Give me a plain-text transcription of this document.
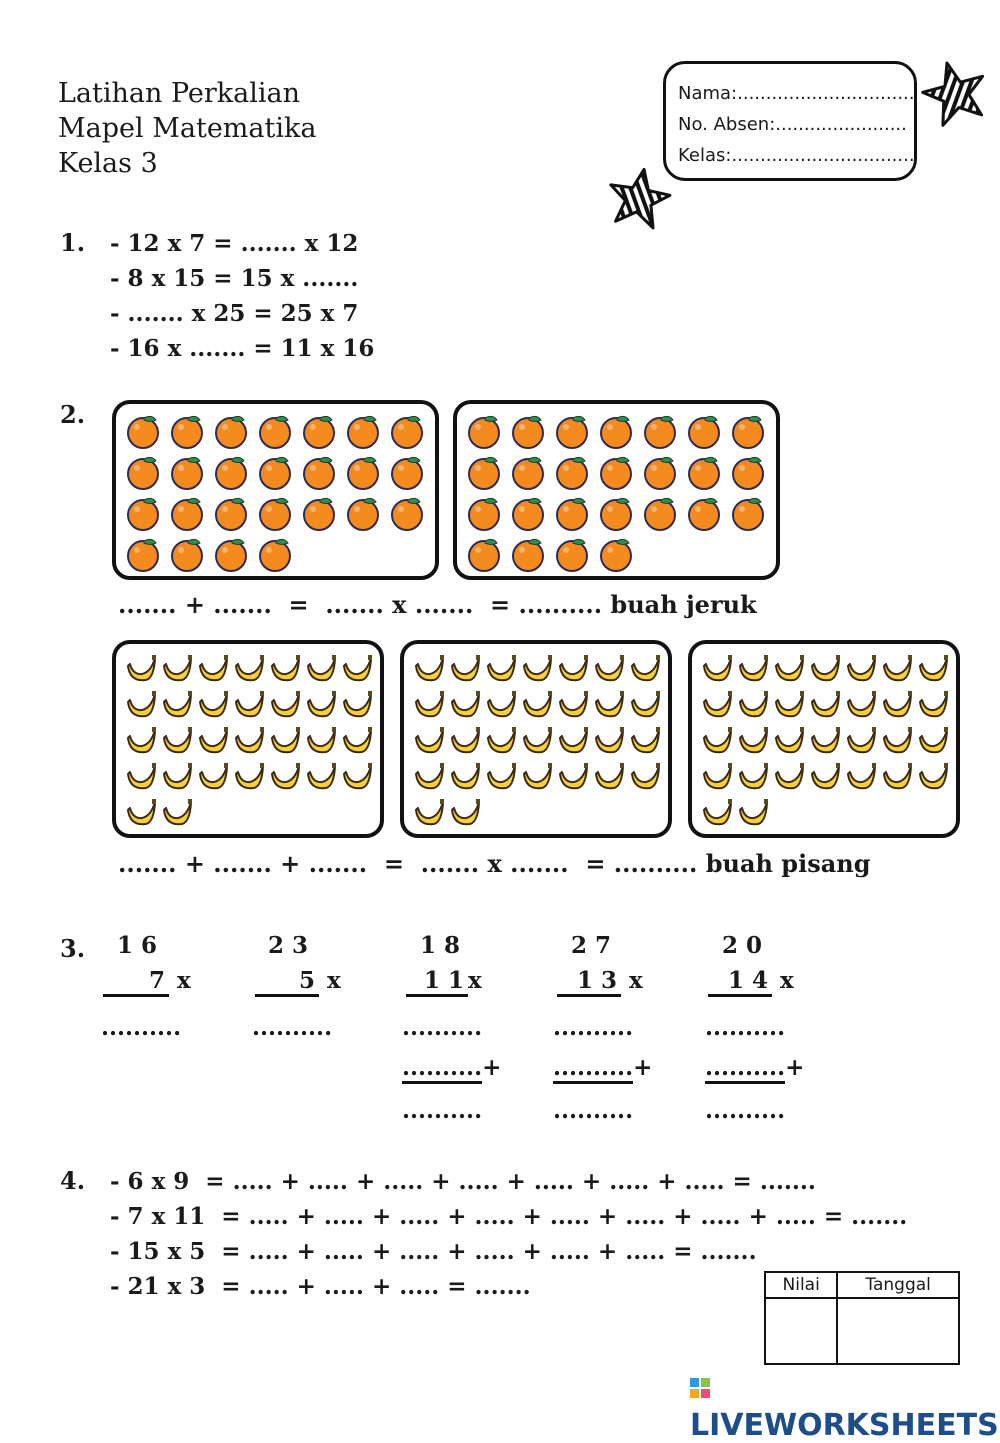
Latihan Perkalian
Mapel Matematika
Kelas 3
Nama:...............................
No. Absen:.......................
Kelas:................................
1. - 12 x 7 = ....... x 12
- 8 x 15 = 15 x .......
- ....... x 25 = 25 x 7
- 16 x ....... = 11 x 16
2.
....... + .......  =  ....... x .......  = .......... buah jeruk
....... + ....... + .......  =  ....... x .......  = .......... buah pisang
3. 1 6
7 x
..........
2 3
5 x
..........
1 8
1 1 x
..........
..........+
..........
2 7
1 3 x
..........
..........+
..........
2 0
1 4 x
..........
..........+
..........
4. - 6 x 9  = ..... + ..... + ..... + ..... + ..... + ..... + ..... = .......
- 7 x 11  = ..... + ..... + ..... + ..... + ..... + ..... + ..... + ..... = .......
- 15 x 5  = ..... + ..... + ..... + ..... + ..... + ..... = .......
- 21 x 3  = ..... + ..... + ..... = .......	Nilai	Tanggal

LIVEWORKSHEETS
